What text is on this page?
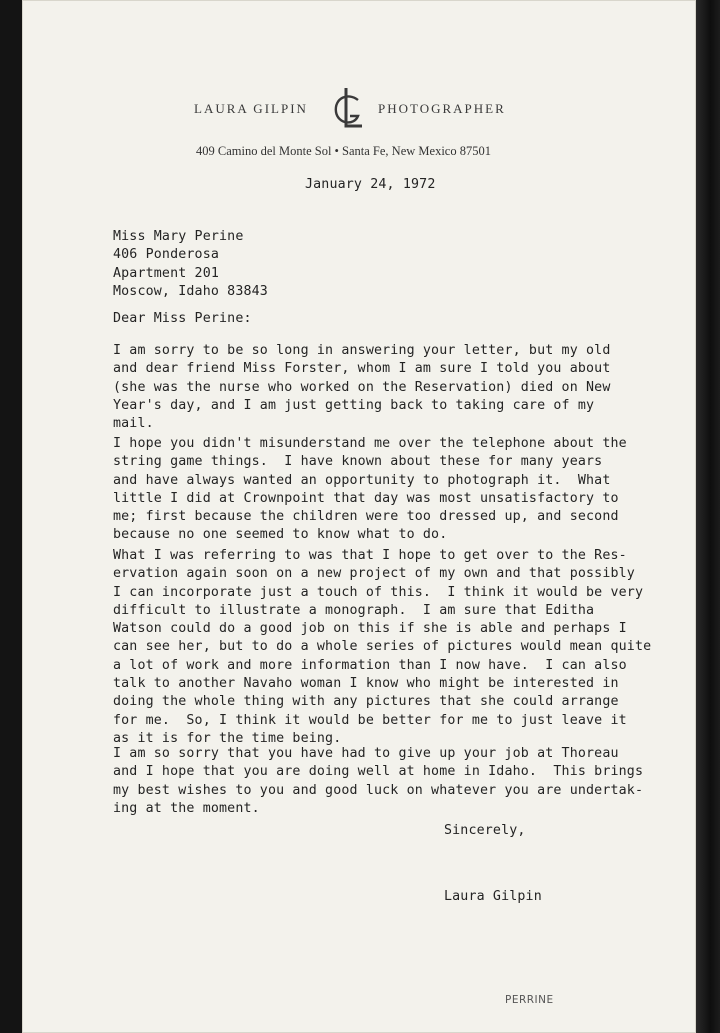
LAURA GILPIN	PHOTOGRAPHER
409 Camino del Monte Sol • Santa Fe, New Mexico 87501
January 24, 1972
Miss Mary Perine
406 Ponderosa
Apartment 201
Moscow, Idaho 83843
Dear Miss Perine:
I am sorry to be so long in answering your letter, but my old
and dear friend Miss Forster, whom I am sure I told you about
(she was the nurse who worked on the Reservation) died on New
Year's day, and I am just getting back to taking care of my
mail.
I hope you didn't misunderstand me over the telephone about the
string game things.  I have known about these for many years
and have always wanted an opportunity to photograph it.  What
little I did at Crownpoint that day was most unsatisfactory to
me; first because the children were too dressed up, and second
because no one seemed to know what to do.
What I was referring to was that I hope to get over to the Res-
ervation again soon on a new project of my own and that possibly
I can incorporate just a touch of this.  I think it would be very
difficult to illustrate a monograph.  I am sure that Editha
Watson could do a good job on this if she is able and perhaps I
can see her, but to do a whole series of pictures would mean quite
a lot of work and more information than I now have.  I can also
talk to another Navaho woman I know who might be interested in
doing the whole thing with any pictures that she could arrange
for me.  So, I think it would be better for me to just leave it
as it is for the time being.
I am so sorry that you have had to give up your job at Thoreau
and I hope that you are doing well at home in Idaho.  This brings
my best wishes to you and good luck on whatever you are undertak-
ing at the moment.
Sincerely,
Laura Gilpin
PERRINE
